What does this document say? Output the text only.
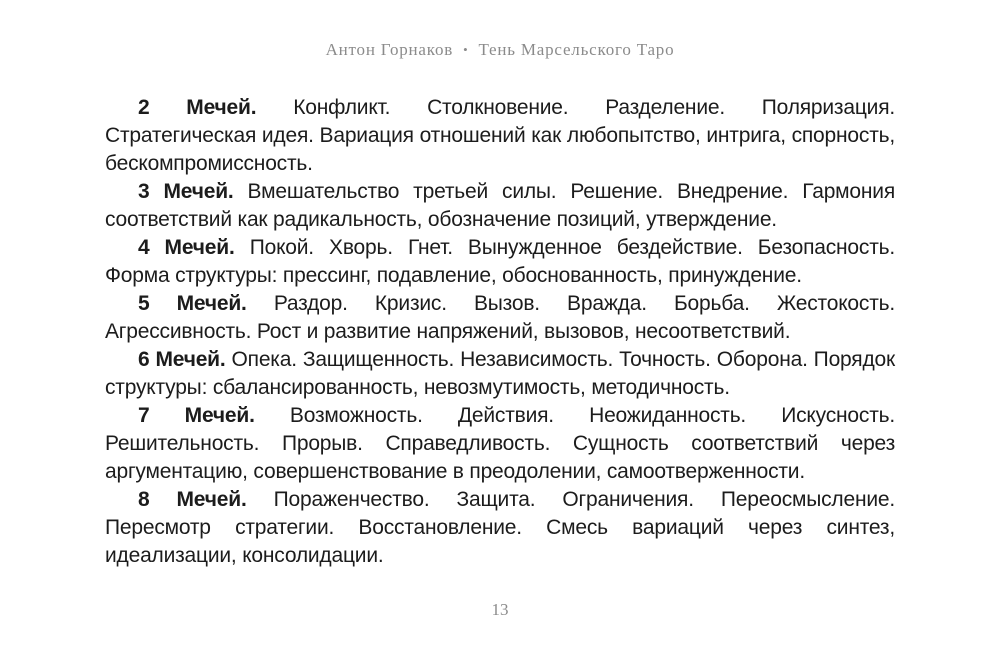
Антон Горнаков • Тень Марсельского Таро

2 Мечей. Конфликт. Столкновение. Разделение. Поляризация. Стратегическая идея. Вариация отношений как любопытство, интрига, спорность, бескомпромиссность.

3 Мечей. Вмешательство третьей силы. Решение. Внедрение. Гармония соответствий как радикальность, обозначение позиций, утверждение.

4 Мечей. Покой. Хворь. Гнет. Вынужденное бездействие. Безопасность. Форма структуры: прессинг, подавление, обоснованность, принуждение.

5 Мечей. Раздор. Кризис. Вызов. Вражда. Борьба. Жестокость. Агрессивность. Рост и развитие напряжений, вызовов, несоответствий.

6 Мечей. Опека. Защищенность. Независимость. Точность. Оборона. Порядок структуры: сбалансированность, невозмутимость, методичность.

7 Мечей. Возможность. Действия. Неожиданность. Искусность. Решительность. Прорыв. Справедливость. Сущность соответствий через аргументацию, совершенствование в преодолении, самоотверженности.

8 Мечей. Пораженчество. Защита. Ограничения. Переосмысление. Пересмотр стратегии. Восстановление. Смесь вариаций через синтез, идеализации, консолидации.

13
